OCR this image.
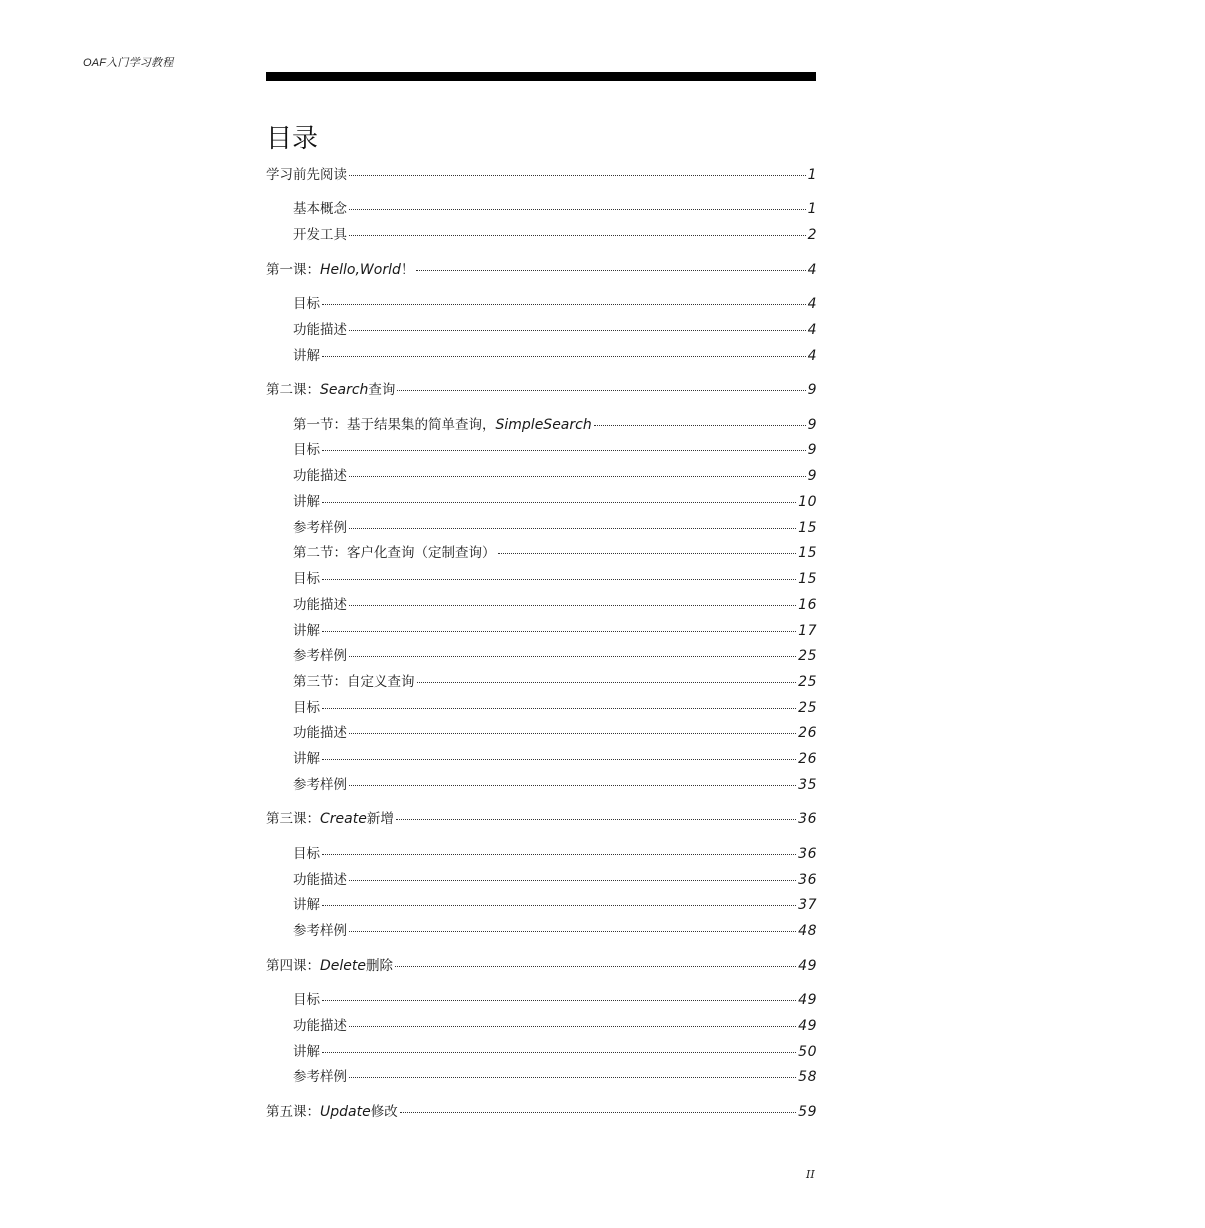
OAF入门学习教程
目录
学习前先阅读	1
基本概念	1
开发工具	2
第一课：Hello,World！	4
目标	4
功能描述	4
讲解	4
第二课：Search查询	9
第一节：基于结果集的简单查询，SimpleSearch	9
目标	9
功能描述	9
讲解	10
参考样例	15
第二节：客户化查询（定制查询）	15
目标	15
功能描述	16
讲解	17
参考样例	25
第三节：自定义查询	25
目标	25
功能描述	26
讲解	26
参考样例	35
第三课：Create新增	36
目标	36
功能描述	36
讲解	37
参考样例	48
第四课：Delete删除	49
目标	49
功能描述	49
讲解	50
参考样例	58
第五课：Update修改	59
II
